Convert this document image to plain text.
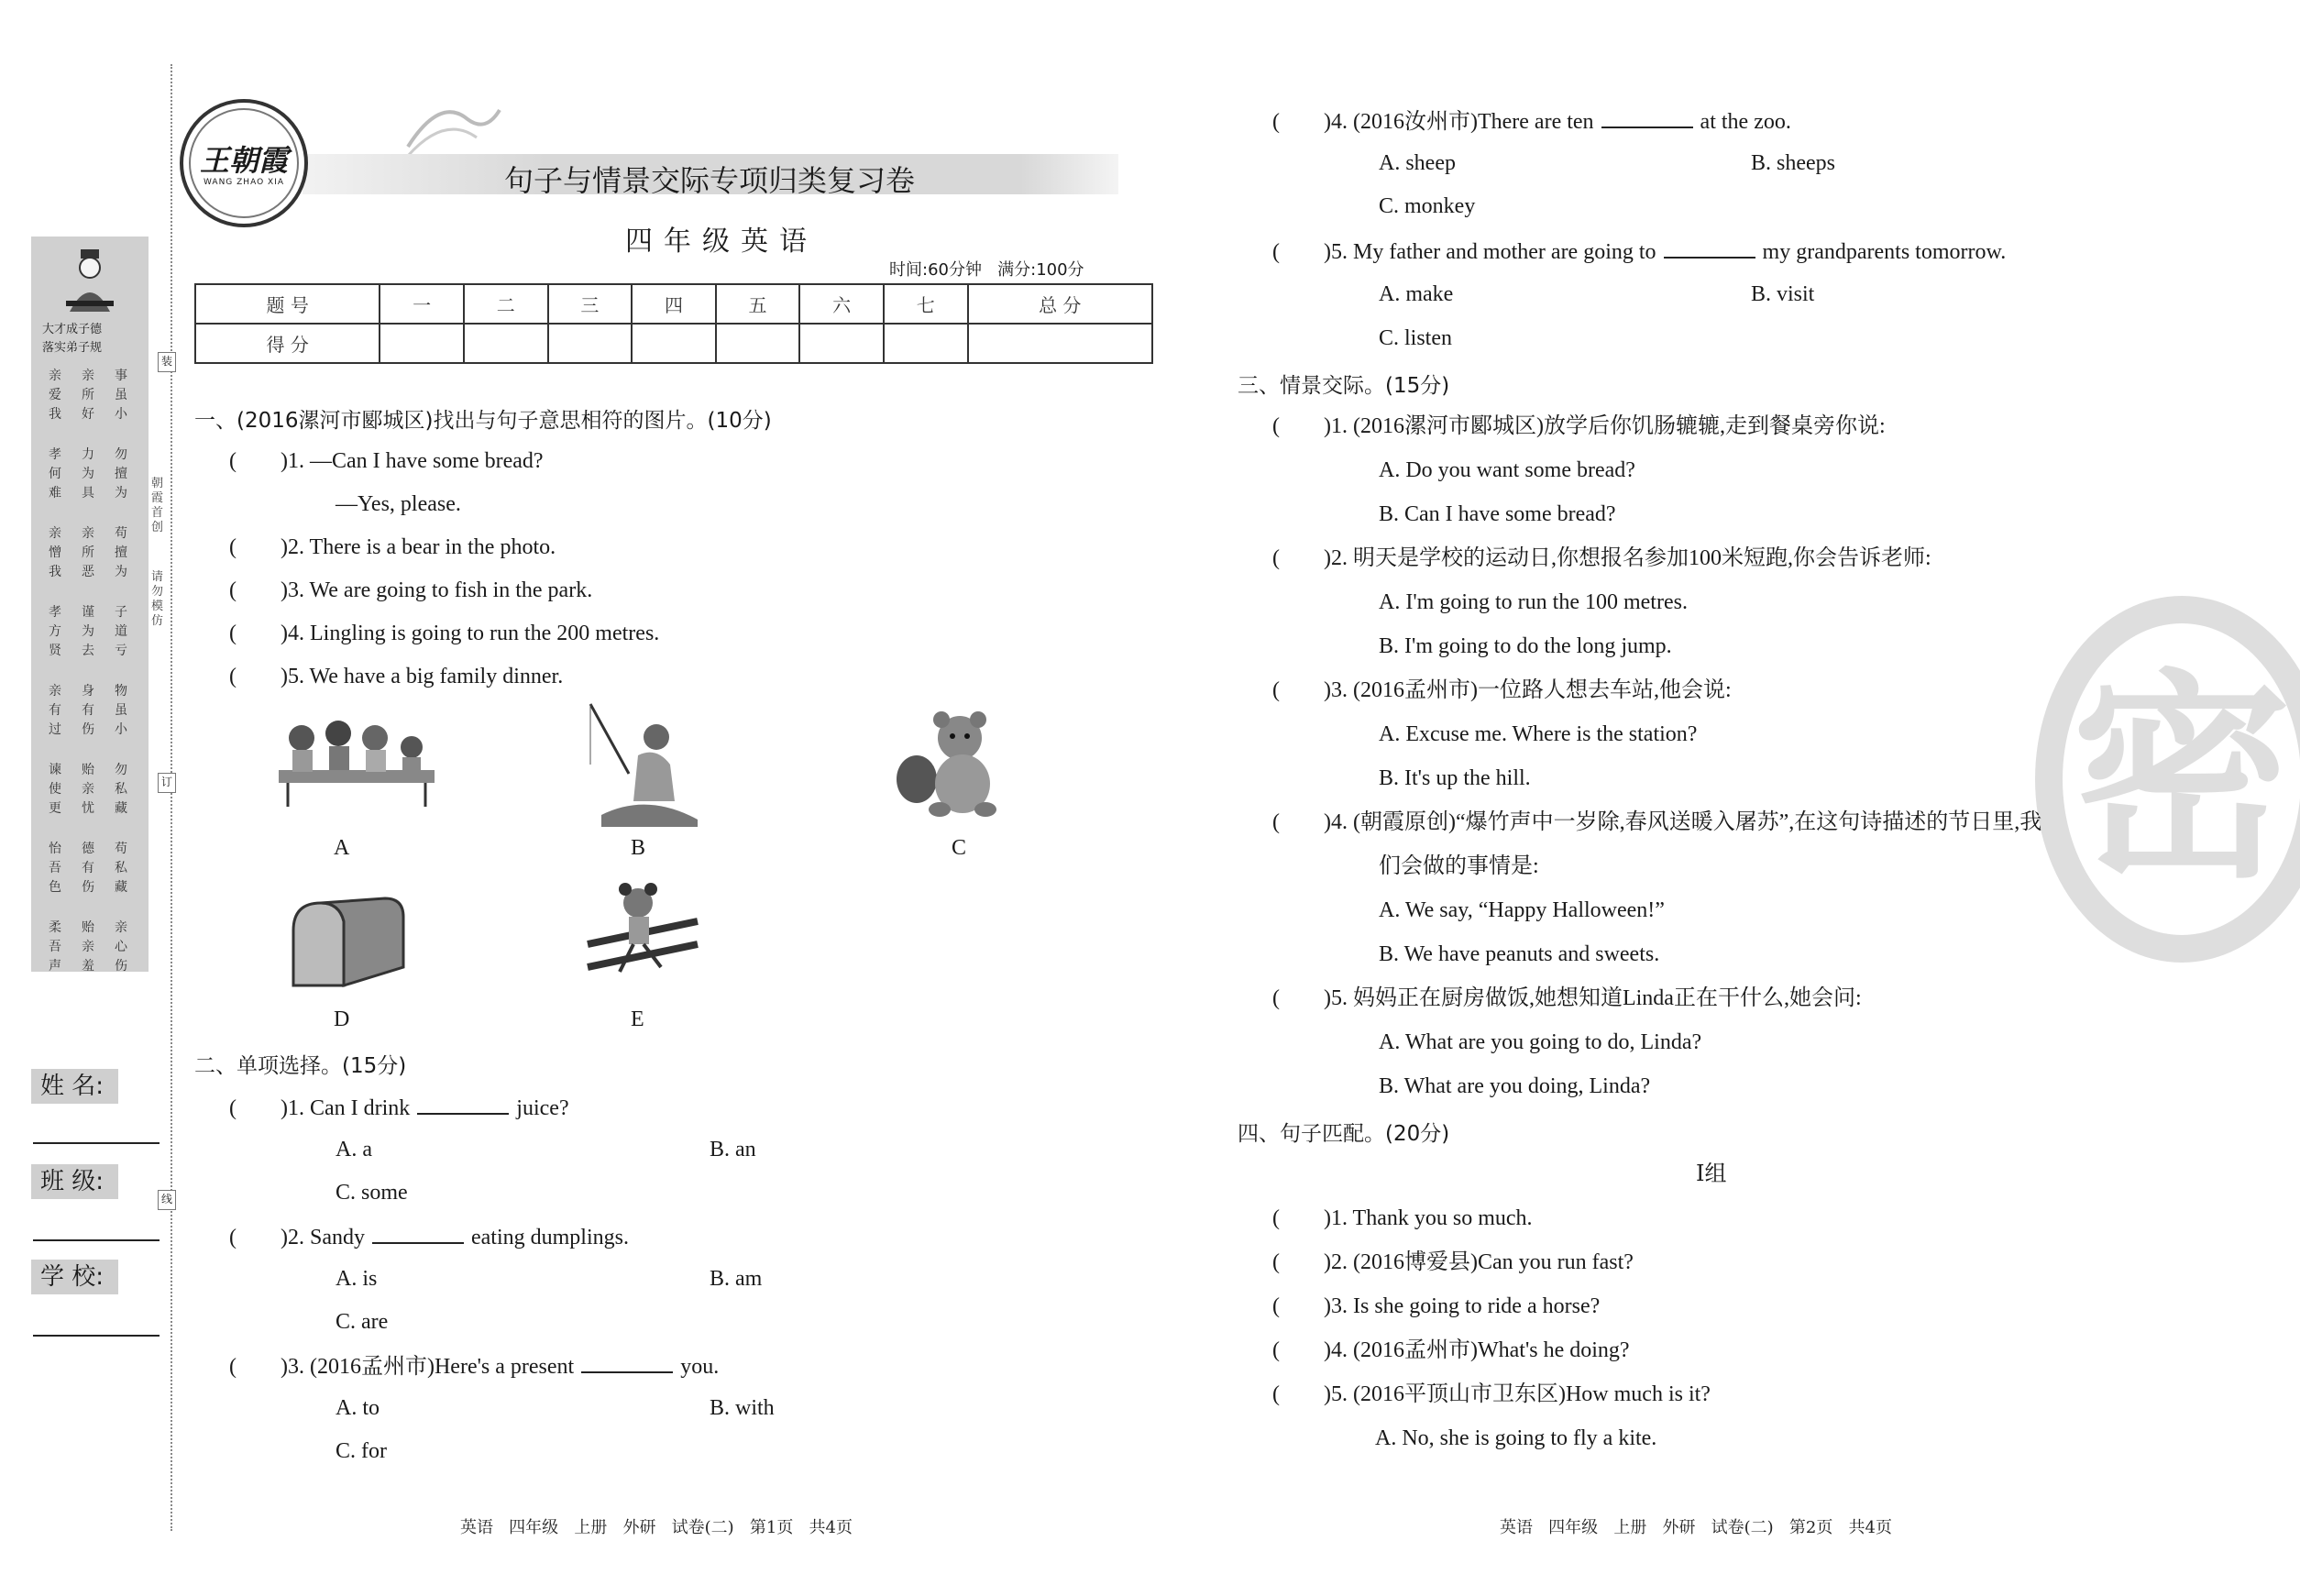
朝霞首创
请勿模仿
装
订
线
大才成子德
落实弟子规
亲爱我
亲所好
事虽小
孝何难
力为具
勿擅为
亲憎我
亲所恶
苟擅为
孝方贤
谨为去
子道亏
亲有过
身有伤
物虽小
谏使更
贻亲忧
勿私藏
怡吾色
德有伤
苟私藏
柔吾声
贻亲羞
亲心伤
姓 名:
班 级:
学 校:
王朝霞
WANG ZHAO XIA	句子与情景交际专项归类复习卷
四年级英语
时间:60分钟   满分:100分
题 号	一	二	三	四	五	六	七	总 分
得 分								
一、(2016漯河市郾城区)找出与句子意思相符的图片。(10分)
(        )1. —Can I have some bread?
—Yes, please.
(        )2. There is a bear in the photo.
(        )3. We are going to fish in the park.
(        )4. Lingling is going to run the 200 metres.
(        )5. We have a big family dinner.
A	B	C
D	E
二、单项选择。(15分)
(        )1. Can I drink	juice?
A. a	B. an
C. some
(        )2. Sandy	eating dumplings.
A. is	B. am
C. are
(        )3. (2016孟州市)Here's a present	you.
A. to	B. with
C. for
英语   四年级   上册   外研   试卷(二)   第1页   共4页
密
(        )4. (2016汝州市)There are ten	at the zoo.
A. sheep	B. sheeps
C. monkey
(        )5. My father and mother are going to	my grandparents tomorrow.
A. make	B. visit
C. listen
三、情景交际。(15分)
(        )1. (2016漯河市郾城区)放学后你饥肠辘辘,走到餐桌旁你说:
A. Do you want some bread?
B. Can I have some bread?
(        )2. 明天是学校的运动日,你想报名参加100米短跑,你会告诉老师:
A. I'm going to run the 100 metres.
B. I'm going to do the long jump.
(        )3. (2016孟州市)一位路人想去车站,他会说:
A. Excuse me. Where is the station?
B. It's up the hill.
(        )4. (朝霞原创)“爆竹声中一岁除,春风送暖入屠苏”,在这句诗描述的节日里,我
们会做的事情是:
A. We say, “Happy Halloween!”
B. We have peanuts and sweets.
(        )5. 妈妈正在厨房做饭,她想知道Linda正在干什么,她会问:
A. What are you going to do, Linda?
B. What are you doing, Linda?
四、句子匹配。(20分)
Ⅰ组
(        )1. Thank you so much.
(        )2. (2016博爱县)Can you run fast?
(        )3. Is she going to ride a horse?
(        )4. (2016孟州市)What's he doing?
(        )5. (2016平顶山市卫东区)How much is it?
A. No, she is going to fly a kite.
英语   四年级   上册   外研   试卷(二)   第2页   共4页
